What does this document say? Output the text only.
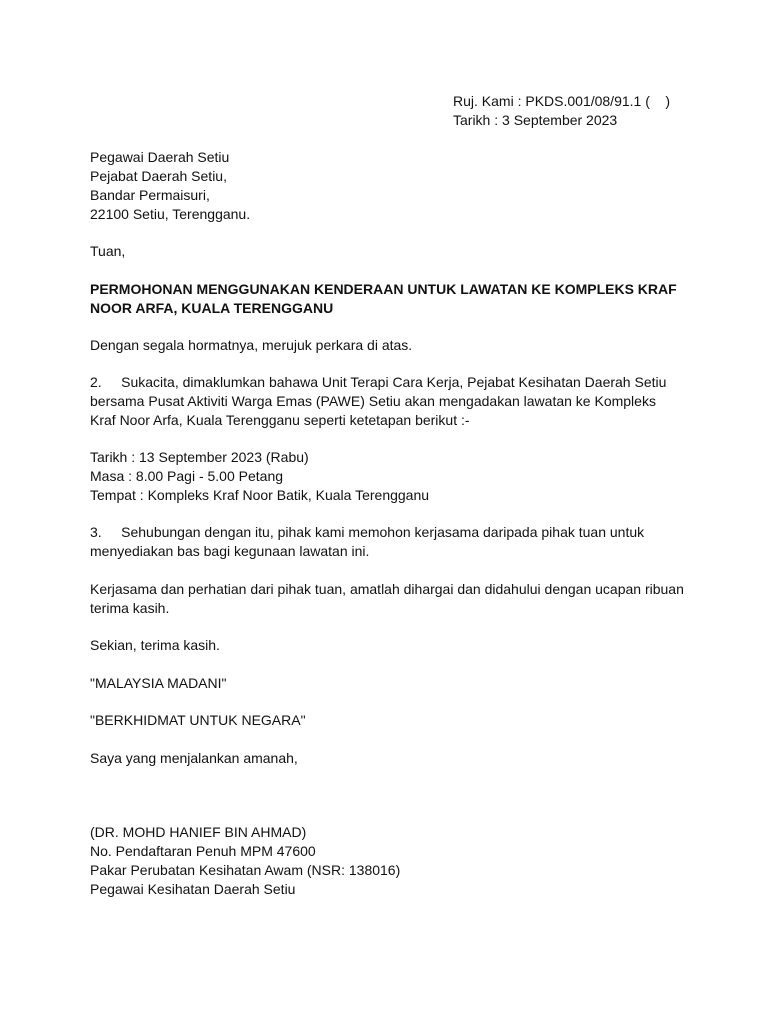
Ruj. Kami : PKDS.001/08/91.1 (    )
Tarikh : 3 September 2023
Pegawai Daerah Setiu
Pejabat Daerah Setiu,
Bandar Permaisuri,
22100 Setiu, Terengganu.
Tuan,
PERMOHONAN MENGGUNAKAN KENDERAAN UNTUK LAWATAN KE KOMPLEKS KRAF
NOOR ARFA, KUALA TERENGGANU
Dengan segala hormatnya, merujuk perkara di atas.
2.     Sukacita, dimaklumkan bahawa Unit Terapi Cara Kerja, Pejabat Kesihatan Daerah Setiu
bersama Pusat Aktiviti Warga Emas (PAWE) Setiu akan mengadakan lawatan ke Kompleks
Kraf Noor Arfa, Kuala Terengganu seperti ketetapan berikut :-
Tarikh : 13 September 2023 (Rabu)
Masa : 8.00 Pagi - 5.00 Petang
Tempat : Kompleks Kraf Noor Batik, Kuala Terengganu
3.     Sehubungan dengan itu, pihak kami memohon kerjasama daripada pihak tuan untuk
menyediakan bas bagi kegunaan lawatan ini.
Kerjasama dan perhatian dari pihak tuan, amatlah dihargai dan didahului dengan ucapan ribuan
terima kasih.
Sekian, terima kasih.
"MALAYSIA MADANI"
"BERKHIDMAT UNTUK NEGARA"
Saya yang menjalankan amanah,
(DR. MOHD HANIEF BIN AHMAD)
No. Pendaftaran Penuh MPM 47600
Pakar Perubatan Kesihatan Awam (NSR: 138016)
Pegawai Kesihatan Daerah Setiu
